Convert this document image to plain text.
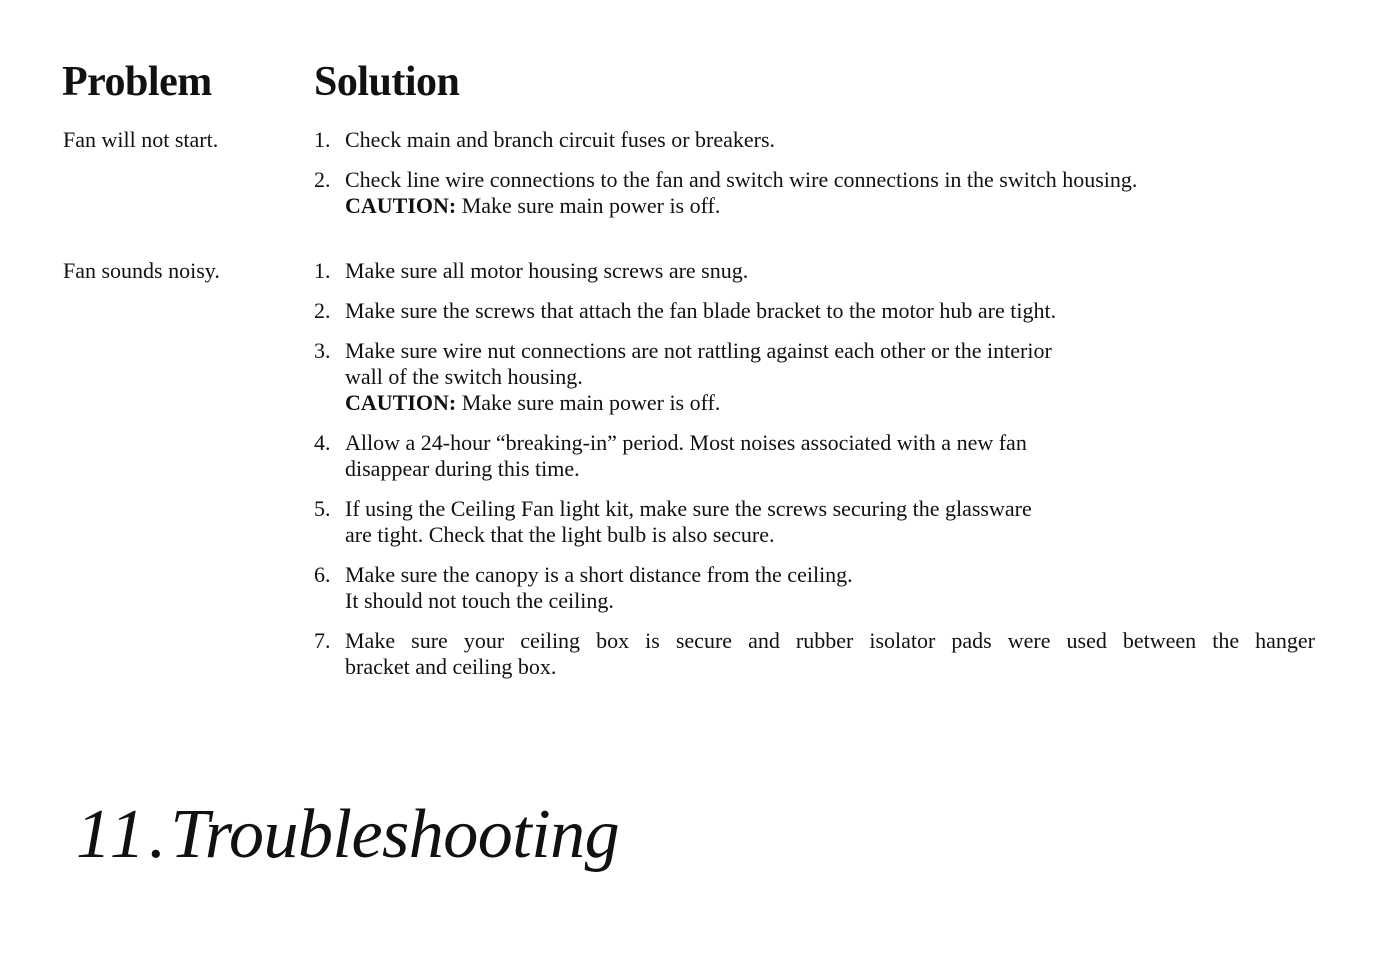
Problem Solution
Fan will not start.	1. Check main and branch circuit fuses or breakers.
2. Check line wire connections to the fan and switch wire connections in the switch housing.
CAUTION: Make sure main power is off.
Fan sounds noisy.	1. Make sure all motor housing screws are snug.
2. Make sure the screws that attach the fan blade bracket to the motor hub are tight.
3. Make sure wire nut connections are not rattling against each other or the interior
wall of the switch housing.
CAUTION: Make sure main power is off.
4. Allow a 24-hour “breaking-in” period. Most noises associated with a new fan
disappear during this time.
5. If using the Ceiling Fan light kit, make sure the screws securing the glassware
are tight. Check that the light bulb is also secure.
6. Make sure the canopy is a short distance from the ceiling.
It should not touch the ceiling.
7. Make sure your ceiling box is secure and rubber isolator pads were used between the hanger
bracket and ceiling box.
11.Troubleshooting
